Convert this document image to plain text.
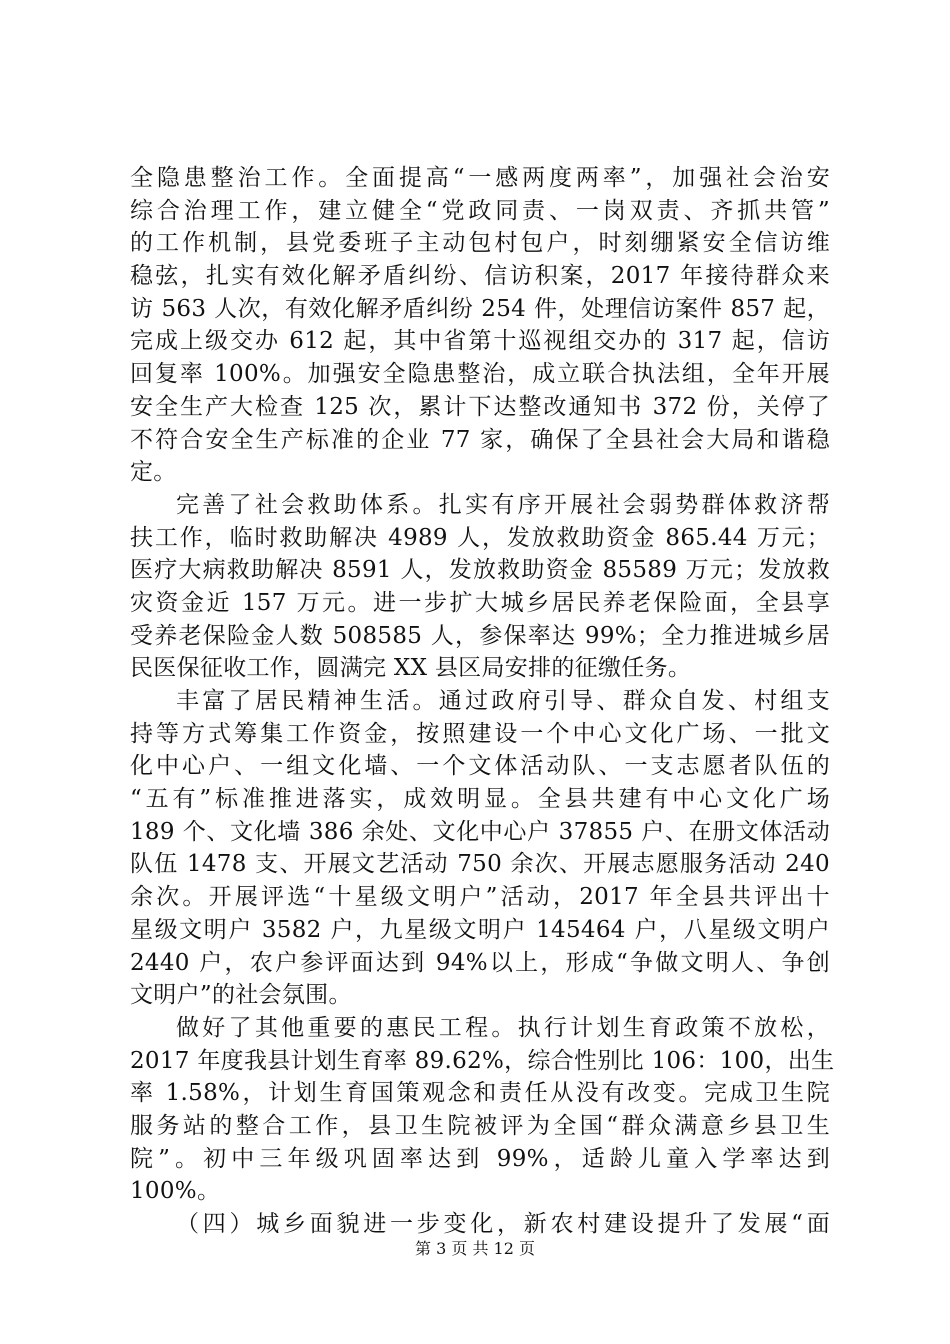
全隐患整治工作。全面提高“一感两度两率”，加强社会治安
综合治理工作，建立健全“党政同责、一岗双责、齐抓共管”
的工作机制，县党委班子主动包村包户，时刻绷紧安全信访维
稳弦，扎实有效化解矛盾纠纷、信访积案，2017 年接待群众来
访 563 人次，有效化解矛盾纠纷 254 件，处理信访案件 857 起，
完成上级交办 612 起，其中省第十巡视组交办的 317 起，信访
回复率 100%。加强安全隐患整治，成立联合执法组，全年开展
安全生产大检查 125 次，累计下达整改通知书 372 份，关停了
不符合安全生产标准的企业 77 家，确保了全县社会大局和谐稳
定。
完善了社会救助体系。扎实有序开展社会弱势群体救济帮
扶工作，临时救助解决 4989 人，发放救助资金 865.44 万元；
医疗大病救助解决 8591 人，发放救助资金 85589 万元；发放救
灾资金近 157 万元。进一步扩大城乡居民养老保险面，全县享
受养老保险金人数 508585 人，参保率达 99%；全力推进城乡居
民医保征收工作，圆满完 XX 县区局安排的征缴任务。
丰富了居民精神生活。通过政府引导、群众自发、村组支
持等方式筹集工作资金，按照建设一个中心文化广场、一批文
化中心户、一组文化墙、一个文体活动队、一支志愿者队伍的
“五有”标准推进落实，成效明显。全县共建有中心文化广场
189 个、文化墙 386 余处、文化中心户 37855 户、在册文体活动
队伍 1478 支、开展文艺活动 750 余次、开展志愿服务活动 240
余次。开展评选“十星级文明户”活动，2017 年全县共评出十
星级文明户 3582 户，九星级文明户 145464 户，八星级文明户
2440 户，农户参评面达到 94%以上，形成“争做文明人、争创
文明户”的社会氛围。
做好了其他重要的惠民工程。执行计划生育政策不放松，
2017 年度我县计划生育率 89.62%，综合性别比 106：100，出生
率 1.58%，计划生育国策观念和责任从没有改变。完成卫生院
服务站的整合工作，县卫生院被评为全国“群众满意乡县卫生
院”。初中三年级巩固率达到 99%，适龄儿童入学率达到
100%。
（四）城乡面貌进一步变化，新农村建设提升了发展“面
第 3 页 共 12 页
